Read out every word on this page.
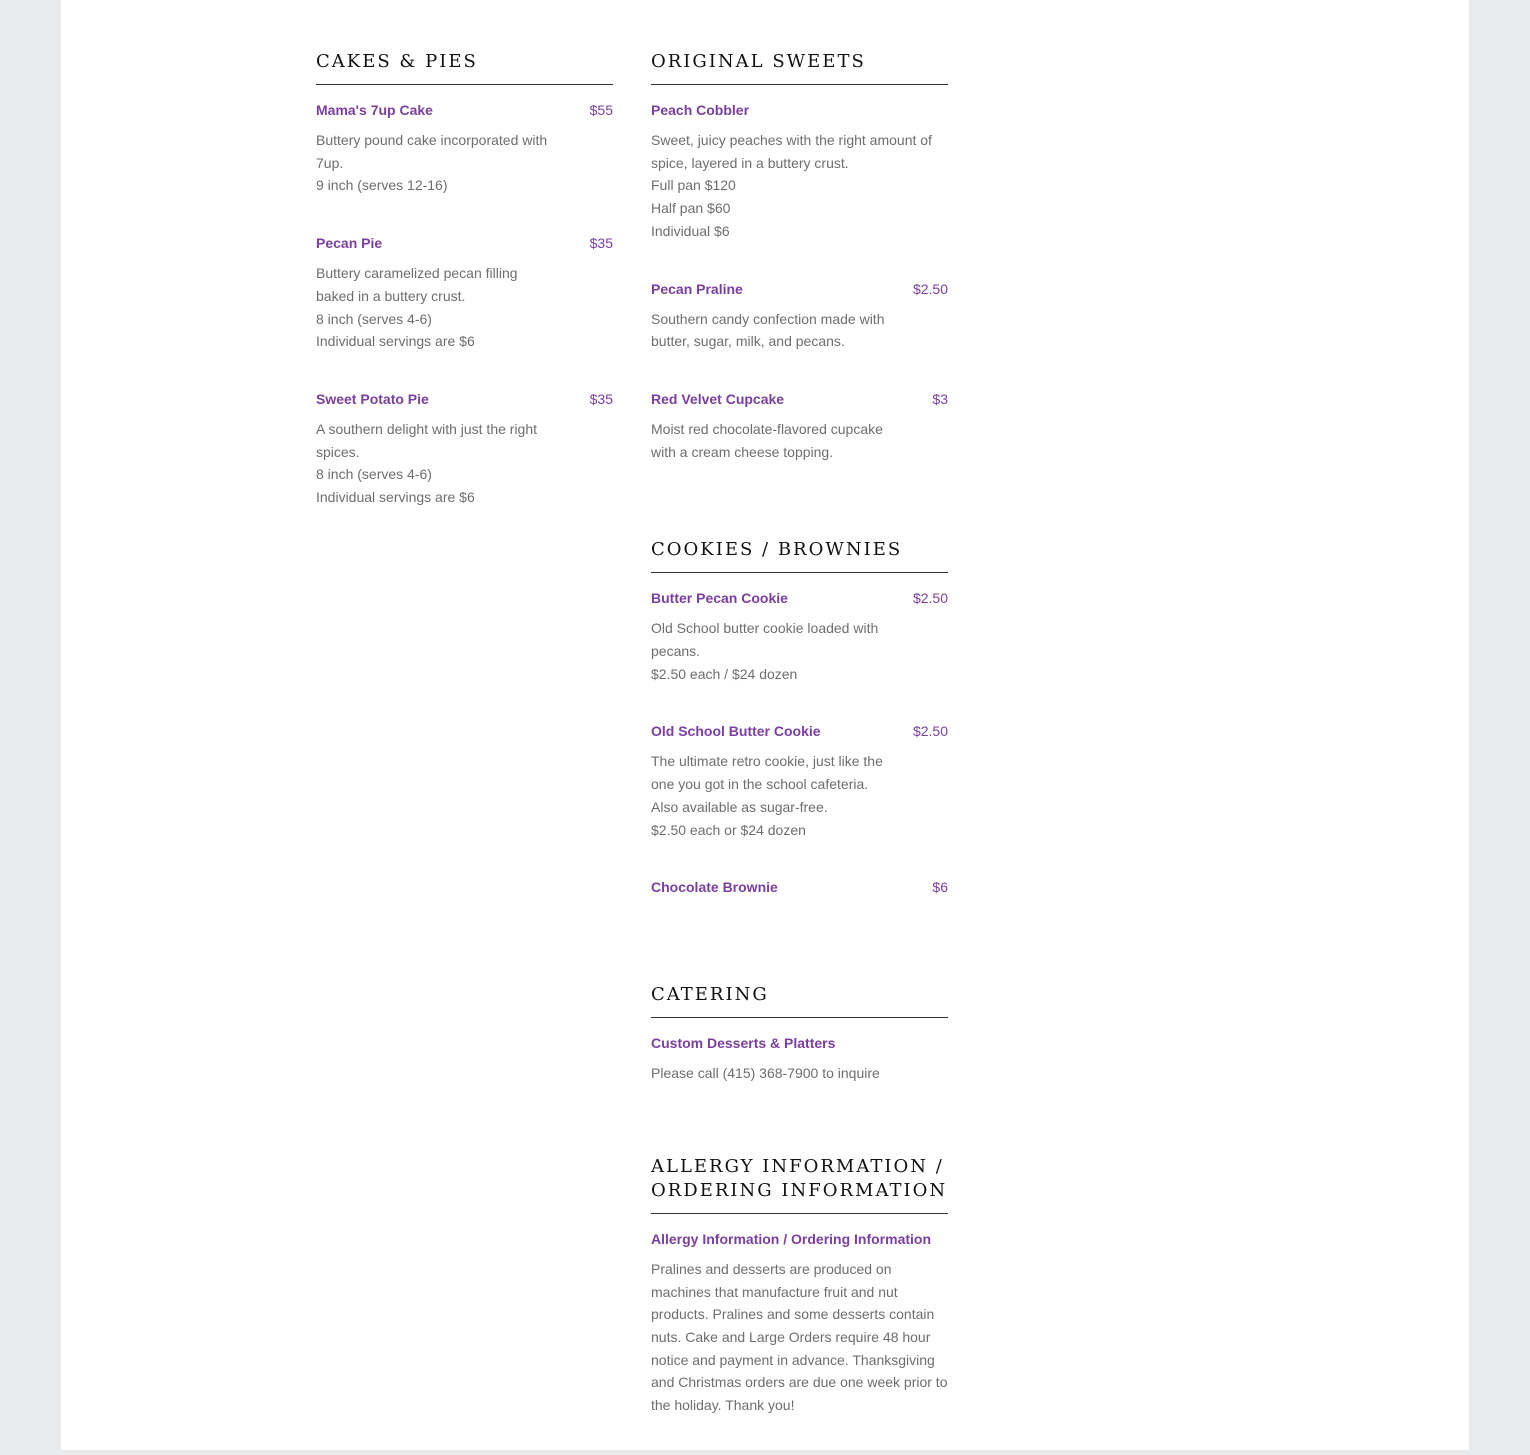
CAKES & PIES
Mama's 7up Cake	$55

Buttery pound cake incorporated with 7up.

9 inch (serves 12-16)

Pecan Pie	$35

Buttery caramelized pecan filling baked in a buttery crust.

8 inch (serves 4-6)

Individual servings are $6

Sweet Potato Pie	$35

A southern delight with just the right spices.

8 inch (serves 4-6)

Individual servings are $6

ORIGINAL SWEETS
Peach Cobbler

Sweet, juicy peaches with the right amount of spice, layered in a buttery crust.

Full pan $120

Half pan $60

Individual $6

Pecan Praline	$2.50

Southern candy confection made with butter, sugar, milk, and pecans.

Red Velvet Cupcake	$3

Moist red chocolate-flavored cupcake with a cream cheese topping.

COOKIES / BROWNIES
Butter Pecan Cookie	$2.50

Old School butter cookie loaded with pecans.

$2.50 each / $24 dozen

Old School Butter Cookie	$2.50

The ultimate retro cookie, just like the one you got in the school cafeteria.

Also available as sugar-free.

$2.50 each or $24 dozen

Chocolate Brownie	$6
CATERING
Custom Desserts & Platters

Please call (415) 368-7900 to inquire

ALLERGY INFORMATION / ORDERING INFORMATION
Allergy Information / Ordering Information

Pralines and desserts are produced on machines that manufacture fruit and nut products. Pralines and some desserts contain nuts. Cake and Large Orders require 48 hour notice and payment in advance. Thanksgiving and Christmas orders are due one week prior to the holiday. Thank you!
